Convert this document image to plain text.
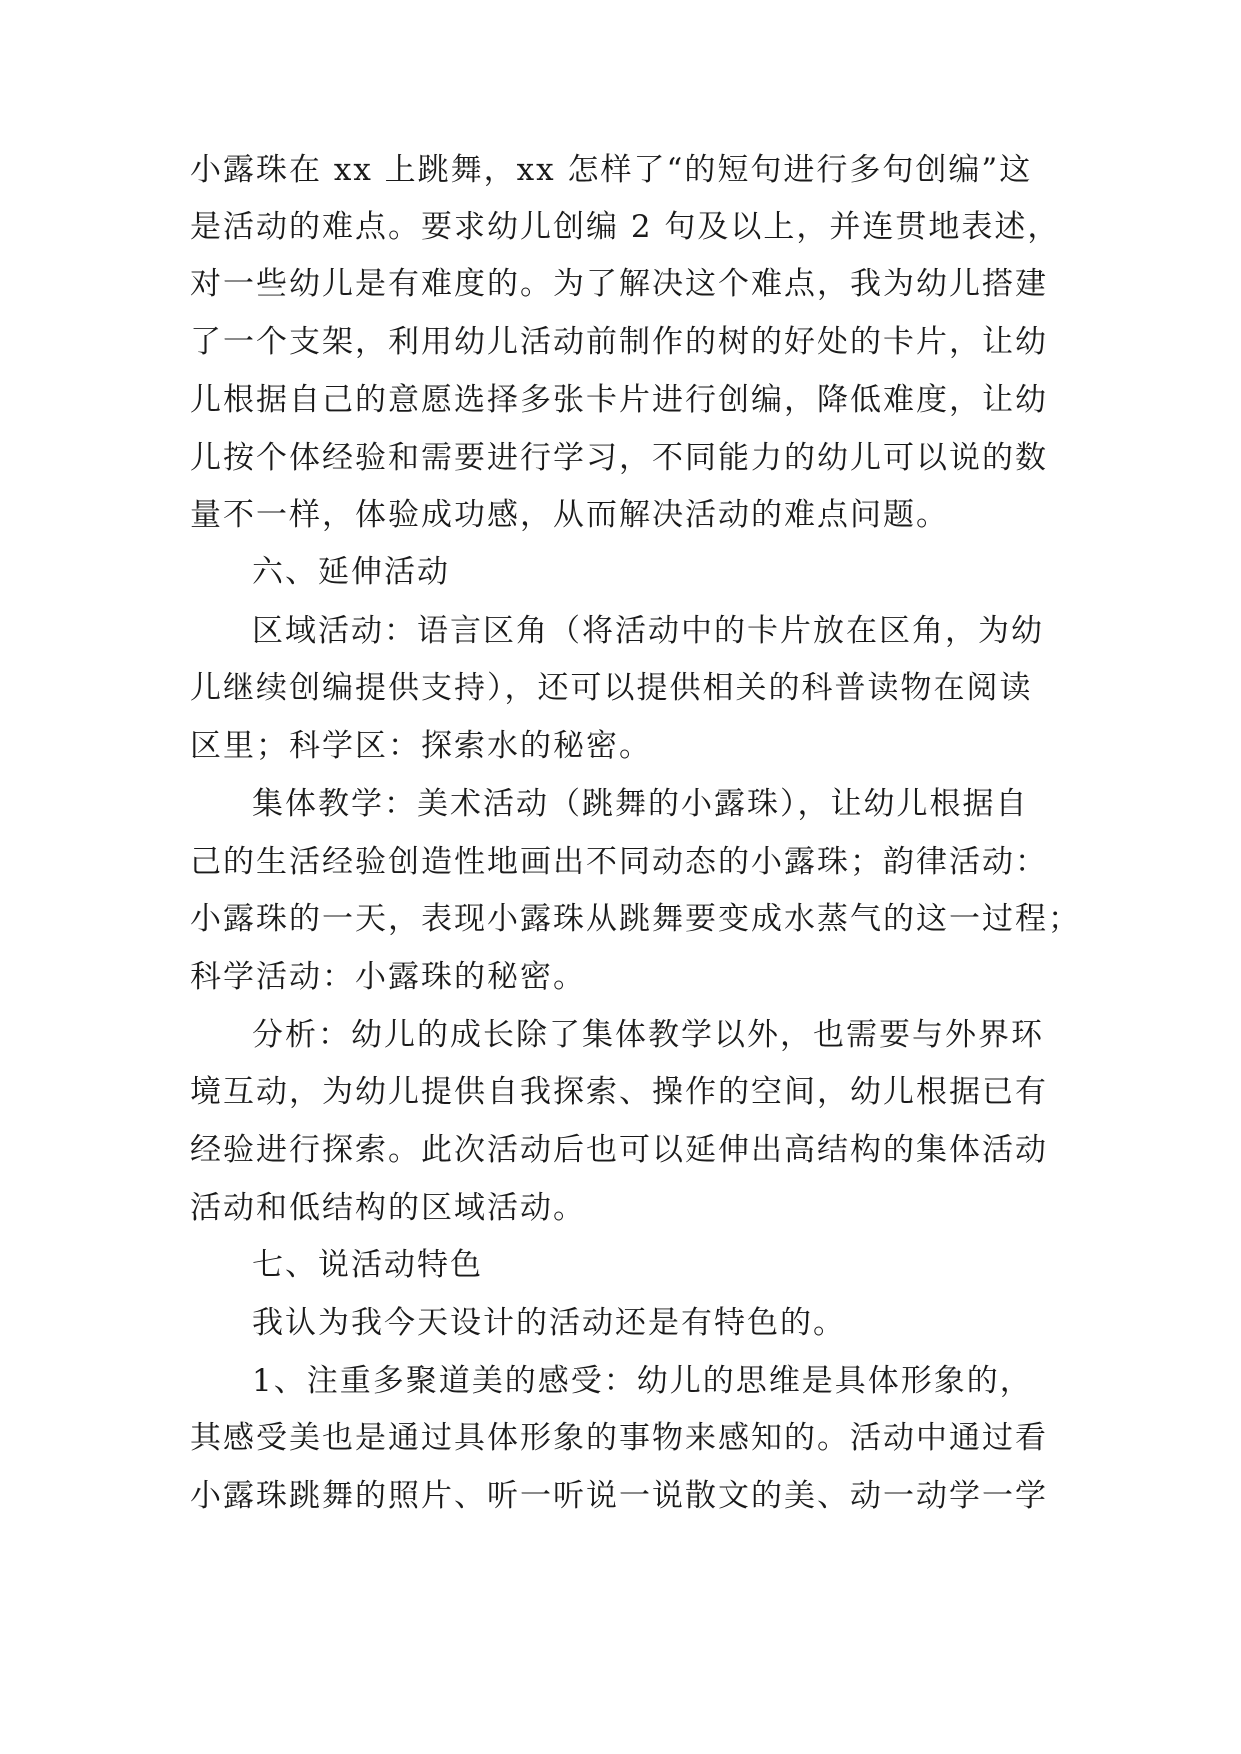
小露珠在 xx 上跳舞，xx 怎样了“的短句进行多句创编”这

是活动的难点。要求幼儿创编 2 句及以上，并连贯地表述，

对一些幼儿是有难度的。为了解决这个难点，我为幼儿搭建

了一个支架，利用幼儿活动前制作的树的好处的卡片，让幼

儿根据自己的意愿选择多张卡片进行创编，降低难度，让幼

儿按个体经验和需要进行学习，不同能力的幼儿可以说的数

量不一样，体验成功感，从而解决活动的难点问题。

六、延伸活动

区域活动：语言区角（将活动中的卡片放在区角，为幼

儿继续创编提供支持），还可以提供相关的科普读物在阅读

区里；科学区：探索水的秘密。

集体教学：美术活动（跳舞的小露珠），让幼儿根据自

己的生活经验创造性地画出不同动态的小露珠；韵律活动：

小露珠的一天，表现小露珠从跳舞要变成水蒸气的这一过程；

科学活动：小露珠的秘密。

分析：幼儿的成长除了集体教学以外，也需要与外界环

境互动，为幼儿提供自我探索、操作的空间，幼儿根据已有

经验进行探索。此次活动后也可以延伸出高结构的集体活动

活动和低结构的区域活动。

七、说活动特色

我认为我今天设计的活动还是有特色的。

1、注重多聚道美的感受：幼儿的思维是具体形象的，

其感受美也是通过具体形象的事物来感知的。活动中通过看

小露珠跳舞的照片、听一听说一说散文的美、动一动学一学
